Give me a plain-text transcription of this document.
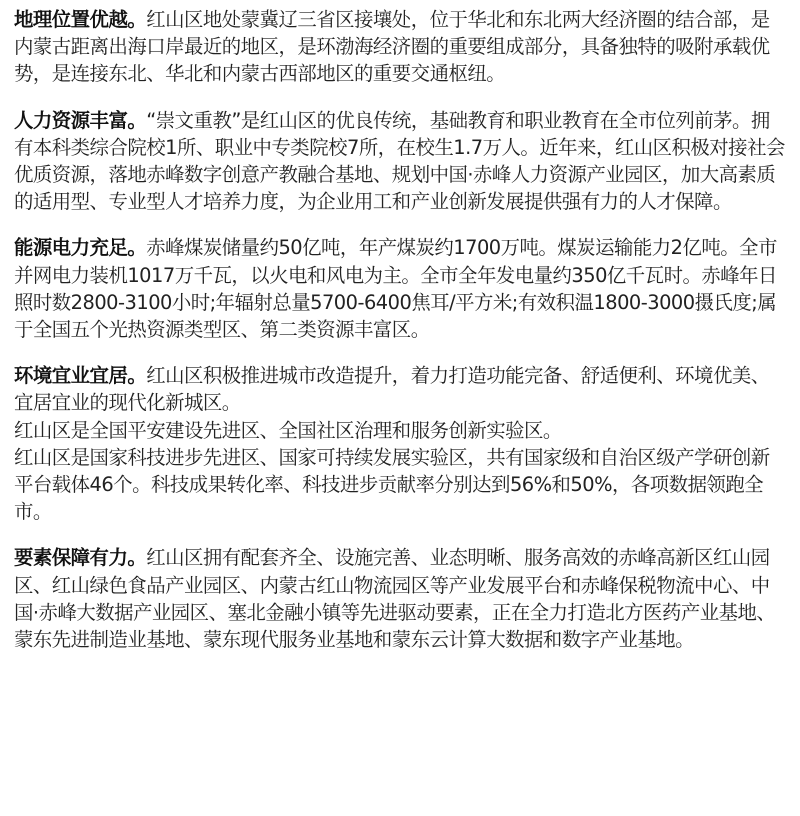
地理位置优越。红山区地处蒙冀辽三省区接壤处，位于华北和东北两大经济圈的结合部，是内蒙古距离出海口岸最近的地区，是环渤海经济圈的重要组成部分，具备独特的吸附承载优势，是连接东北、华北和内蒙古西部地区的重要交通枢纽。

人力资源丰富。“崇文重教”是红山区的优良传统，基础教育和职业教育在全市位列前茅。拥有本科类综合院校1所、职业中专类院校7所，在校生1.7万人。近年来，红山区积极对接社会优质资源，落地赤峰数字创意产教融合基地、规划中国·赤峰人力资源产业园区，加大高素质的适用型、专业型人才培养力度，为企业用工和产业创新发展提供强有力的人才保障。

能源电力充足。赤峰煤炭储量约50亿吨，年产煤炭约1700万吨。煤炭运输能力2亿吨。全市并网电力装机1017万千瓦，以火电和风电为主。全市全年发电量约350亿千瓦时。赤峰年日照时数2800-3100小时;年辐射总量5700-6400焦耳/平方米;有效积温1800-3000摄氏度;属于全国五个光热资源类型区、第二类资源丰富区。

环境宜业宜居。红山区积极推进城市改造提升，着力打造功能完备、舒适便利、环境优美、宜居宜业的现代化新城区。

红山区是全国平安建设先进区、全国社区治理和服务创新实验区。

红山区是国家科技进步先进区、国家可持续发展实验区，共有国家级和自治区级产学研创新平台载体46个。科技成果转化率、科技进步贡献率分别达到56%和50%，各项数据领跑全市。

要素保障有力。红山区拥有配套齐全、设施完善、业态明晰、服务高效的赤峰高新区红山园区、红山绿色食品产业园区、内蒙古红山物流园区等产业发展平台和赤峰保税物流中心、中国·赤峰大数据产业园区、塞北金融小镇等先进驱动要素，正在全力打造北方医药产业基地、蒙东先进制造业基地、蒙东现代服务业基地和蒙东云计算大数据和数字产业基地。
